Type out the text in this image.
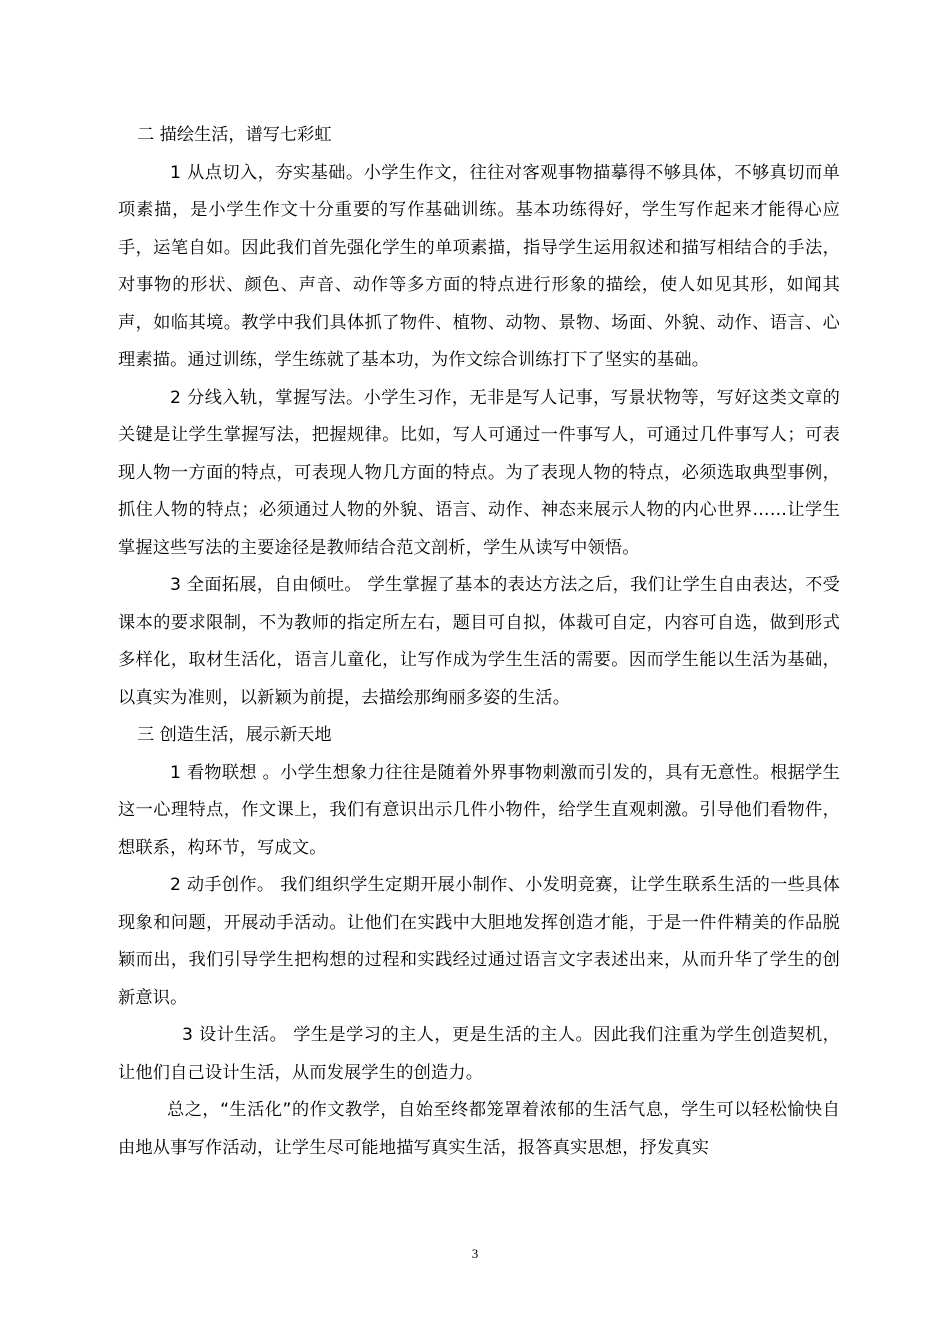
二 描绘生活，谱写七彩虹

1 从点切入，夯实基础。小学生作文，往往对客观事物描摹得不够具体，不够真切而单项素描，是小学生作文十分重要的写作基础训练。基本功练得好，学生写作起来才能得心应手，运笔自如。因此我们首先强化学生的单项素描，指导学生运用叙述和描写相结合的手法，对事物的形状、颜色、声音、动作等多方面的特点进行形象的描绘，使人如见其形，如闻其声，如临其境。教学中我们具体抓了物件、植物、动物、景物、场面、外貌、动作、语言、心理素描。通过训练，学生练就了基本功，为作文综合训练打下了坚实的基础。

2 分线入轨，掌握写法。小学生习作，无非是写人记事，写景状物等，写好这类文章的关键是让学生掌握写法，把握规律。比如，写人可通过一件事写人，可通过几件事写人；可表现人物一方面的特点，可表现人物几方面的特点。为了表现人物的特点，必须选取典型事例，抓住人物的特点；必须通过人物的外貌、语言、动作、神态来展示人物的内心世界……让学生掌握这些写法的主要途径是教师结合范文剖析，学生从读写中领悟。

3 全面拓展，自由倾吐。 学生掌握了基本的表达方法之后，我们让学生自由表达，不受课本的要求限制，不为教师的指定所左右，题目可自拟，体裁可自定，内容可自选，做到形式多样化，取材生活化，语言儿童化，让写作成为学生生活的需要。因而学生能以生活为基础，以真实为准则，以新颖为前提，去描绘那绚丽多姿的生活。

三 创造生活，展示新天地

1 看物联想 。小学生想象力往往是随着外界事物刺激而引发的，具有无意性。根据学生这一心理特点，作文课上，我们有意识出示几件小物件，给学生直观刺激。引导他们看物件，想联系，构环节，写成文。

2 动手创作。 我们组织学生定期开展小制作、小发明竞赛，让学生联系生活的一些具体现象和问题，开展动手活动。让他们在实践中大胆地发挥创造才能，于是一件件精美的作品脱颖而出，我们引导学生把构想的过程和实践经过通过语言文字表述出来，从而升华了学生的创新意识。

3 设计生活。 学生是学习的主人，更是生活的主人。因此我们注重为学生创造契机，让他们自己设计生活，从而发展学生的创造力。

总之，“生活化”的作文教学，自始至终都笼罩着浓郁的生活气息，学生可以轻松愉快自由地从事写作活动，让学生尽可能地描写真实生活，报答真实思想，抒发真实

3
